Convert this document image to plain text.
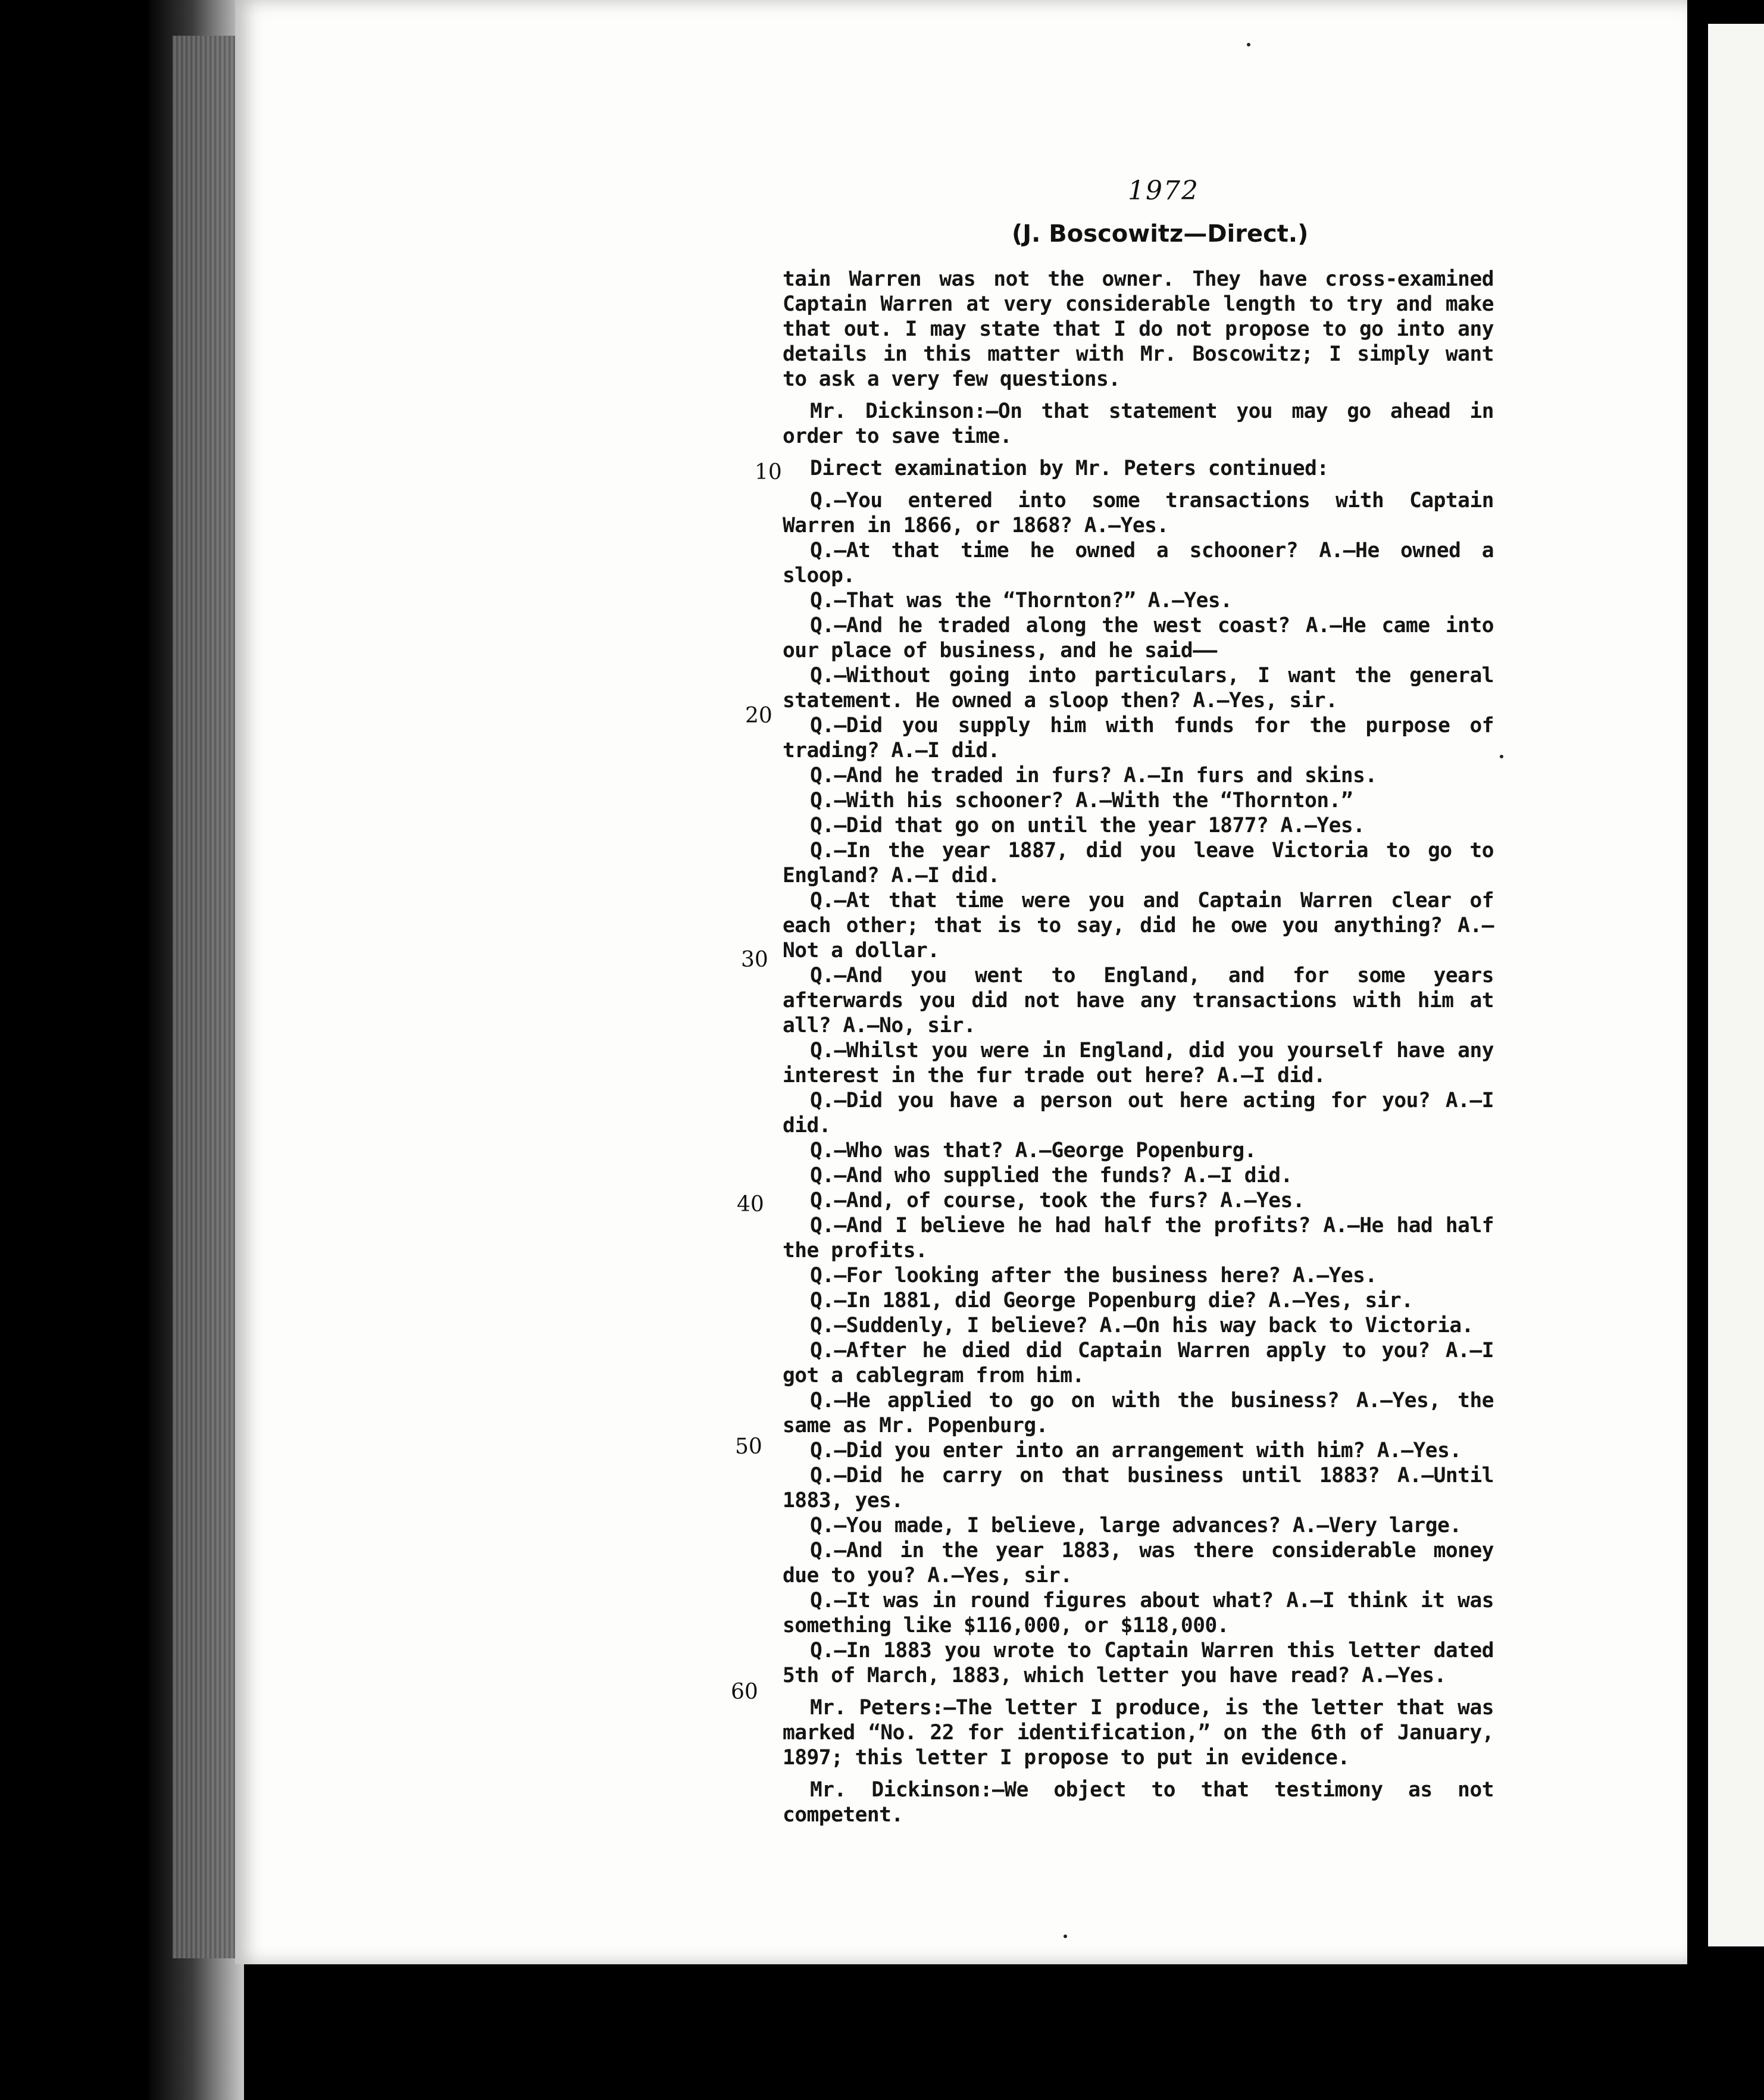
1972
(J. Boscowitz—Direct.)

tain Warren was not the owner. They have cross-examined Captain Warren at very considerable length to try and make that out. I may state that I do not propose to go into any details in this matter with Mr. Boscowitz; I simply want to ask a very few questions.

Mr. Dickinson:—On that statement you may go ahead in order to save time.

Direct examination by Mr. Peters continued:

Q.—You entered into some transactions with Captain Warren in 1866, or 1868? A.—Yes.

Q.—At that time he owned a schooner? A.—He owned a sloop.

Q.—That was the “Thornton?” A.—Yes.

Q.—And he traded along the west coast? A.—He came into our place of business, and he said——

Q.—Without going into particulars, I want the general statement. He owned a sloop then? A.—Yes, sir.

Q.—Did you supply him with funds for the purpose of trading? A.—I did.

Q.—And he traded in furs? A.—In furs and skins.

Q.—With his schooner? A.—With the “Thornton.”

Q.—Did that go on until the year 1877? A.—Yes.

Q.—In the year 1887, did you leave Victoria to go to England? A.—I did.

Q.—At that time were you and Captain Warren clear of each other; that is to say, did he owe you anything? A.—Not a dollar.

Q.—And you went to England, and for some years afterwards you did not have any transactions with him at all? A.—No, sir.

Q.—Whilst you were in England, did you yourself have any interest in the fur trade out here? A.—I did.

Q.—Did you have a person out here acting for you? A.—I did.

Q.—Who was that? A.—George Popenburg.

Q.—And who supplied the funds? A.—I did.

Q.—And, of course, took the furs? A.—Yes.

Q.—And I believe he had half the profits? A.—He had half the profits.

Q.—For looking after the business here? A.—Yes.

Q.—In 1881, did George Popenburg die? A.—Yes, sir.

Q.—Suddenly, I believe? A.—On his way back to Victoria.

Q.—After he died did Captain Warren apply to you? A.—I got a cablegram from him.

Q.—He applied to go on with the business? A.—Yes, the same as Mr. Popenburg.

Q.—Did you enter into an arrangement with him? A.—Yes.

Q.—Did he carry on that business until 1883? A.—Until 1883, yes.

Q.—You made, I believe, large advances? A.—Very large.

Q.—And in the year 1883, was there considerable money due to you? A.—Yes, sir.

Q.—It was in round figures about what? A.—I think it was something like $116,000, or $118,000.

Q.—In 1883 you wrote to Captain Warren this letter dated 5th of March, 1883, which letter you have read? A.—Yes.

Mr. Peters:—The letter I produce, is the letter that was marked “No. 22 for identification,” on the 6th of January, 1897; this letter I propose to put in evidence.

Mr. Dickinson:—We object to that testimony as not competent.

10
20
30
40
50
60
